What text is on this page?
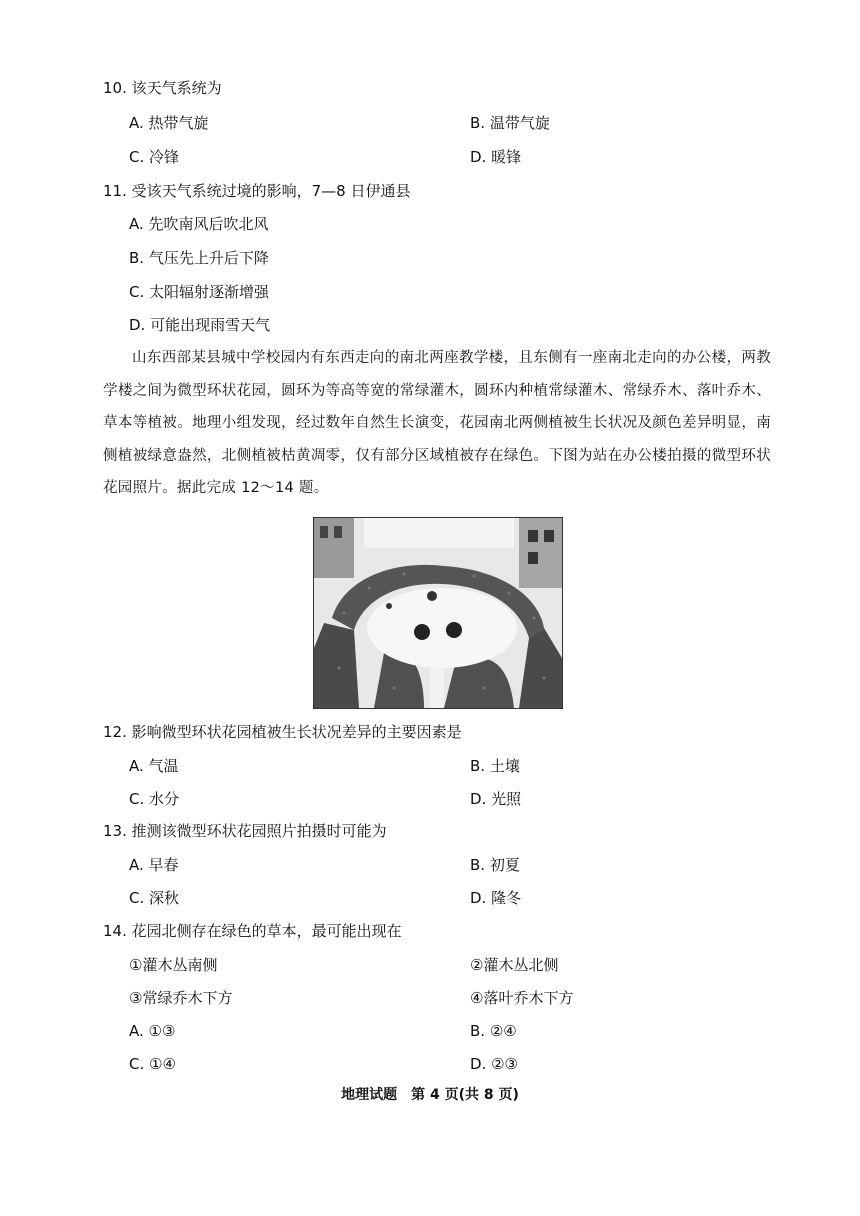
10. 该天气系统为
A. 热带气旋	B. 温带气旋
C. 冷锋	D. 暖锋
11. 受该天气系统过境的影响，7—8 日伊通县
A. 先吹南风后吹北风
B. 气压先上升后下降
C. 太阳辐射逐渐增强
D. 可能出现雨雪天气
山东西部某县城中学校园内有东西走向的南北两座教学楼，且东侧有一座南北走向的办公楼，两教学楼之间为微型环状花园，圆环为等高等宽的常绿灌木，圆环内种植常绿灌木、常绿乔木、落叶乔木、草本等植被。地理小组发现，经过数年自然生长演变，花园南北两侧植被生长状况及颜色差异明显，南侧植被绿意盎然，北侧植被枯黄凋零，仅有部分区域植被存在绿色。下图为站在办公楼拍摄的微型环状花园照片。据此完成 12～14 题。
12. 影响微型环状花园植被生长状况差异的主要因素是
A. 气温	B. 土壤
C. 水分	D. 光照
13. 推测该微型环状花园照片拍摄时可能为
A. 早春	B. 初夏
C. 深秋	D. 隆冬
14. 花园北侧存在绿色的草本，最可能出现在
①灌木丛南侧	②灌木丛北侧
③常绿乔木下方	④落叶乔木下方
A. ①③	B. ②④
C. ①④	D. ②③
地理试题　第 4 页(共 8 页)
